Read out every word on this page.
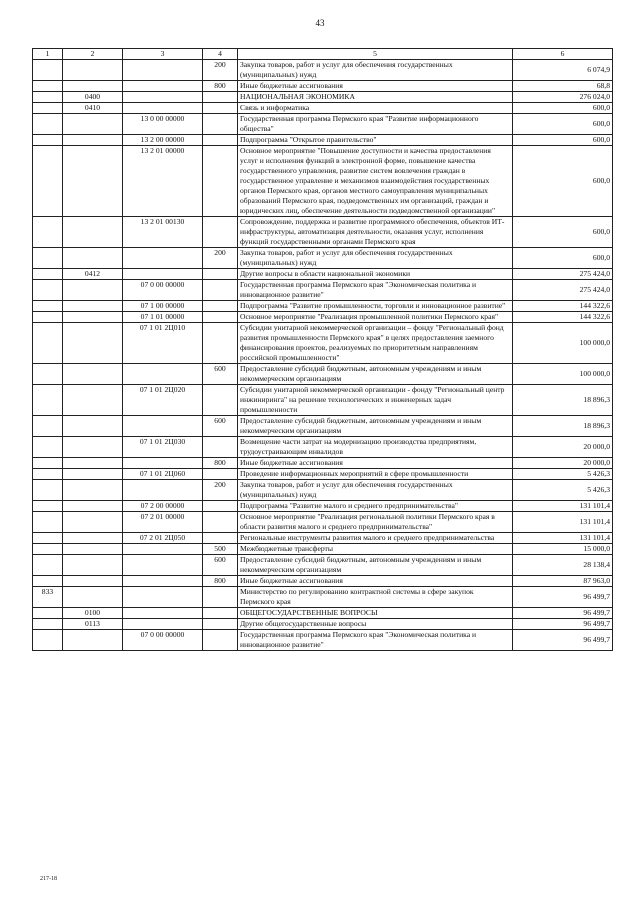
43
1	2	3	4	5	6
			200	Закупка товаров, работ и услуг для обеспечения государственных (муниципальных) нужд	6 074,9
			800	Иные бюджетные ассигнования	68,8
	0400			НАЦИОНАЛЬНАЯ ЭКОНОМИКА	276 024,0
	0410			Связь и информатика	600,0
		13 0 00 00000		Государственная программа Пермского края "Развитие информационного общества"	600,0
		13 2 00 00000		Подпрограмма "Открытое правительство"	600,0
		13 2 01 00000		Основное мероприятие "Повышение доступности и качества предоставления услуг и исполнения функций в электронной форме, повышение качества государственного управления, развитие систем вовлечения граждан в государственное управление и механизмов взаимодействия государственных органов Пермского края, органов местного самоуправления муниципальных образований Пермского края, подведомственных им организаций, граждан и юридических лиц, обеспечение деятельности подведомственной организации"	600,0
		13 2 01 00130		Сопровождение, поддержка и развитие программного обеспечения, объектов ИТ-инфраструктуры, автоматизация деятельности, оказания услуг, исполнения функций государственными органами Пермского края	600,0
			200	Закупка товаров, работ и услуг для обеспечения государственных (муниципальных) нужд	600,0
	0412			Другие вопросы в области национальной экономики	275 424,0
		07 0 00 00000		Государственная программа Пермского края "Экономическая политика и инновационное развитие"	275 424,0
		07 1 00 00000		Подпрограмма "Развитие промышленности, торговли и инновационное развитие"	144 322,6
		07 1 01 00000		Основное мероприятие "Реализация промышленной политики Пермского края"	144 322,6
		07 1 01 2Ц010		Субсидии унитарной некоммерческой организации – фонду "Региональный фонд развития промышленности Пермского края" в целях предоставления заемного финансирования проектов, реализуемых по приоритетным направлениям российской промышленности"	100 000,0
			600	Предоставление субсидий бюджетным, автономным учреждениям и иным некоммерческим организациям	100 000,0
		07 1 01 2Ц020		Субсидии унитарной некоммерческой организации - фонду "Региональный центр инжиниринга" на решение технологических и инженерных задач промышленности	18 896,3
			600	Предоставление субсидий бюджетным, автономным учреждениям и иным некоммерческим организациям	18 896,3
		07 1 01 2Ц030		Возмещение части затрат на модернизацию производства предприятиям, трудоустраивающим инвалидов	20 000,0
			800	Иные бюджетные ассигнования	20 000,0
		07 1 01 2Ц060		Проведение информационных мероприятий в сфере промышленности	5 426,3
			200	Закупка товаров, работ и услуг для обеспечения государственных (муниципальных) нужд	5 426,3
		07 2 00 00000		Подпрограмма "Развитие малого и среднего предпринимательства"	131 101,4
		07 2 01 00000		Основное мероприятие "Реализация региональной политики Пермского края в области развития малого и среднего предпринимательства"	131 101,4
		07 2 01 2Ц050		Региональные инструменты развития малого и среднего предпринимательства	131 101,4
			500	Межбюджетные трансферты	15 000,0
			600	Предоставление субсидий бюджетным, автономным учреждениям и иным некоммерческим организациям	28 138,4
			800	Иные бюджетные ассигнования	87 963,0
833				Министерство по регулированию контрактной системы в сфере закупок Пермского края	96 499,7
	0100			ОБЩЕГОСУДАРСТВЕННЫЕ ВОПРОСЫ	96 499,7
	0113			Другие общегосударственные вопросы	96 499,7
		07 0 00 00000		Государственная программа Пермского края "Экономическая политика и инновационное развитие"	96 499,7
217-18
